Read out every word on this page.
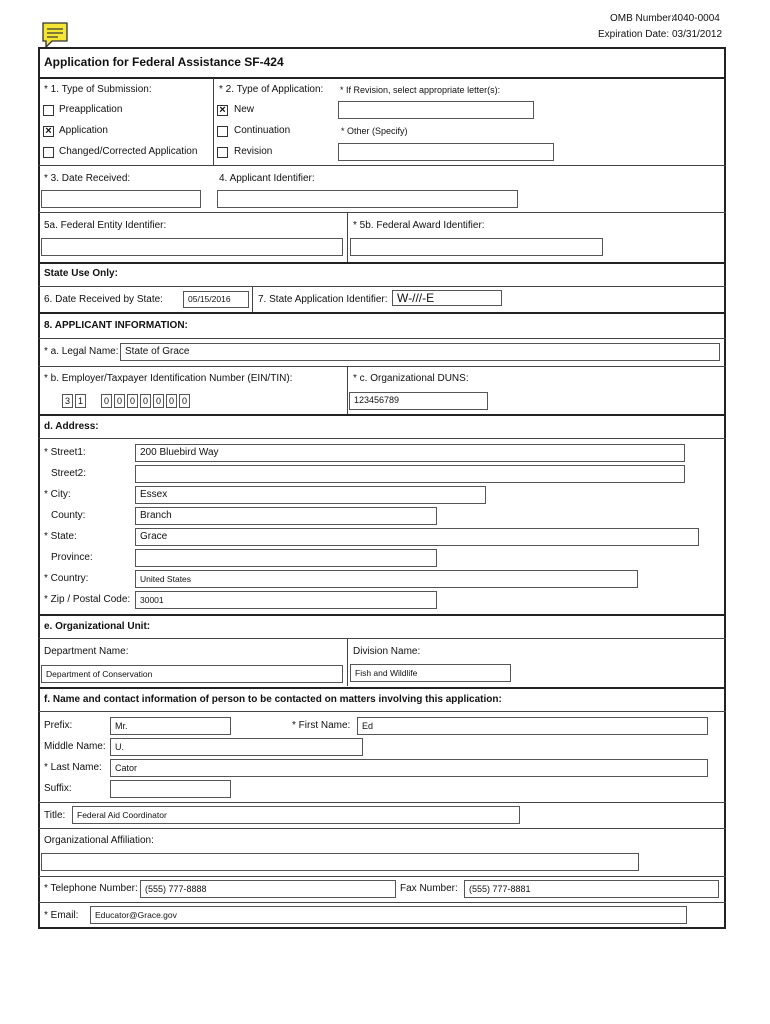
OMB Number:
4040-0004
Expiration Date: 03/31/2012
Application for Federal Assistance SF-424
* 1. Type of Submission:	* 2. Type of Application: * If Revision, select appropriate letter(s):
Preapplication
× Application
Changed/Corrected Application
× New
Continuation
Revision
* Other (Specify)
* 3. Date Received:	4. Applicant Identifier:
5a. Federal Entity Identifier:	* 5b. Federal Award Identifier:
State Use Only:
6. Date Received by State:	05/15/2016	7. State Application Identifier: W-///-E
8. APPLICANT INFORMATION:
* a. Legal Name: State of Grace
* b. Employer/Taxpayer Identification Number (EIN/TIN):	* c. Organizational DUNS:
3 1	0 0 0 0 0 0 0	123456789
d. Address:
* Street1:	200 Bluebird Way
Street2:
* City:	Essex
County:	Branch
* State:	Grace
Province:
* Country:	United States
* Zip / Postal Code:	30001
e. Organizational Unit:
Department Name:	Division Name:
Department of Conservation	Fish and Wildlife
f. Name and contact information of person to be contacted on matters involving this application:
Prefix:	Mr.	* First Name:	Ed
Middle Name:	U.
* Last Name:	Cator
Suffix:
Title:	Federal Aid Coordinator
Organizational Affiliation:
* Telephone Number: (555) 777-8888	Fax Number:	(555) 777-8881
* Email:	Educator@Grace.gov
